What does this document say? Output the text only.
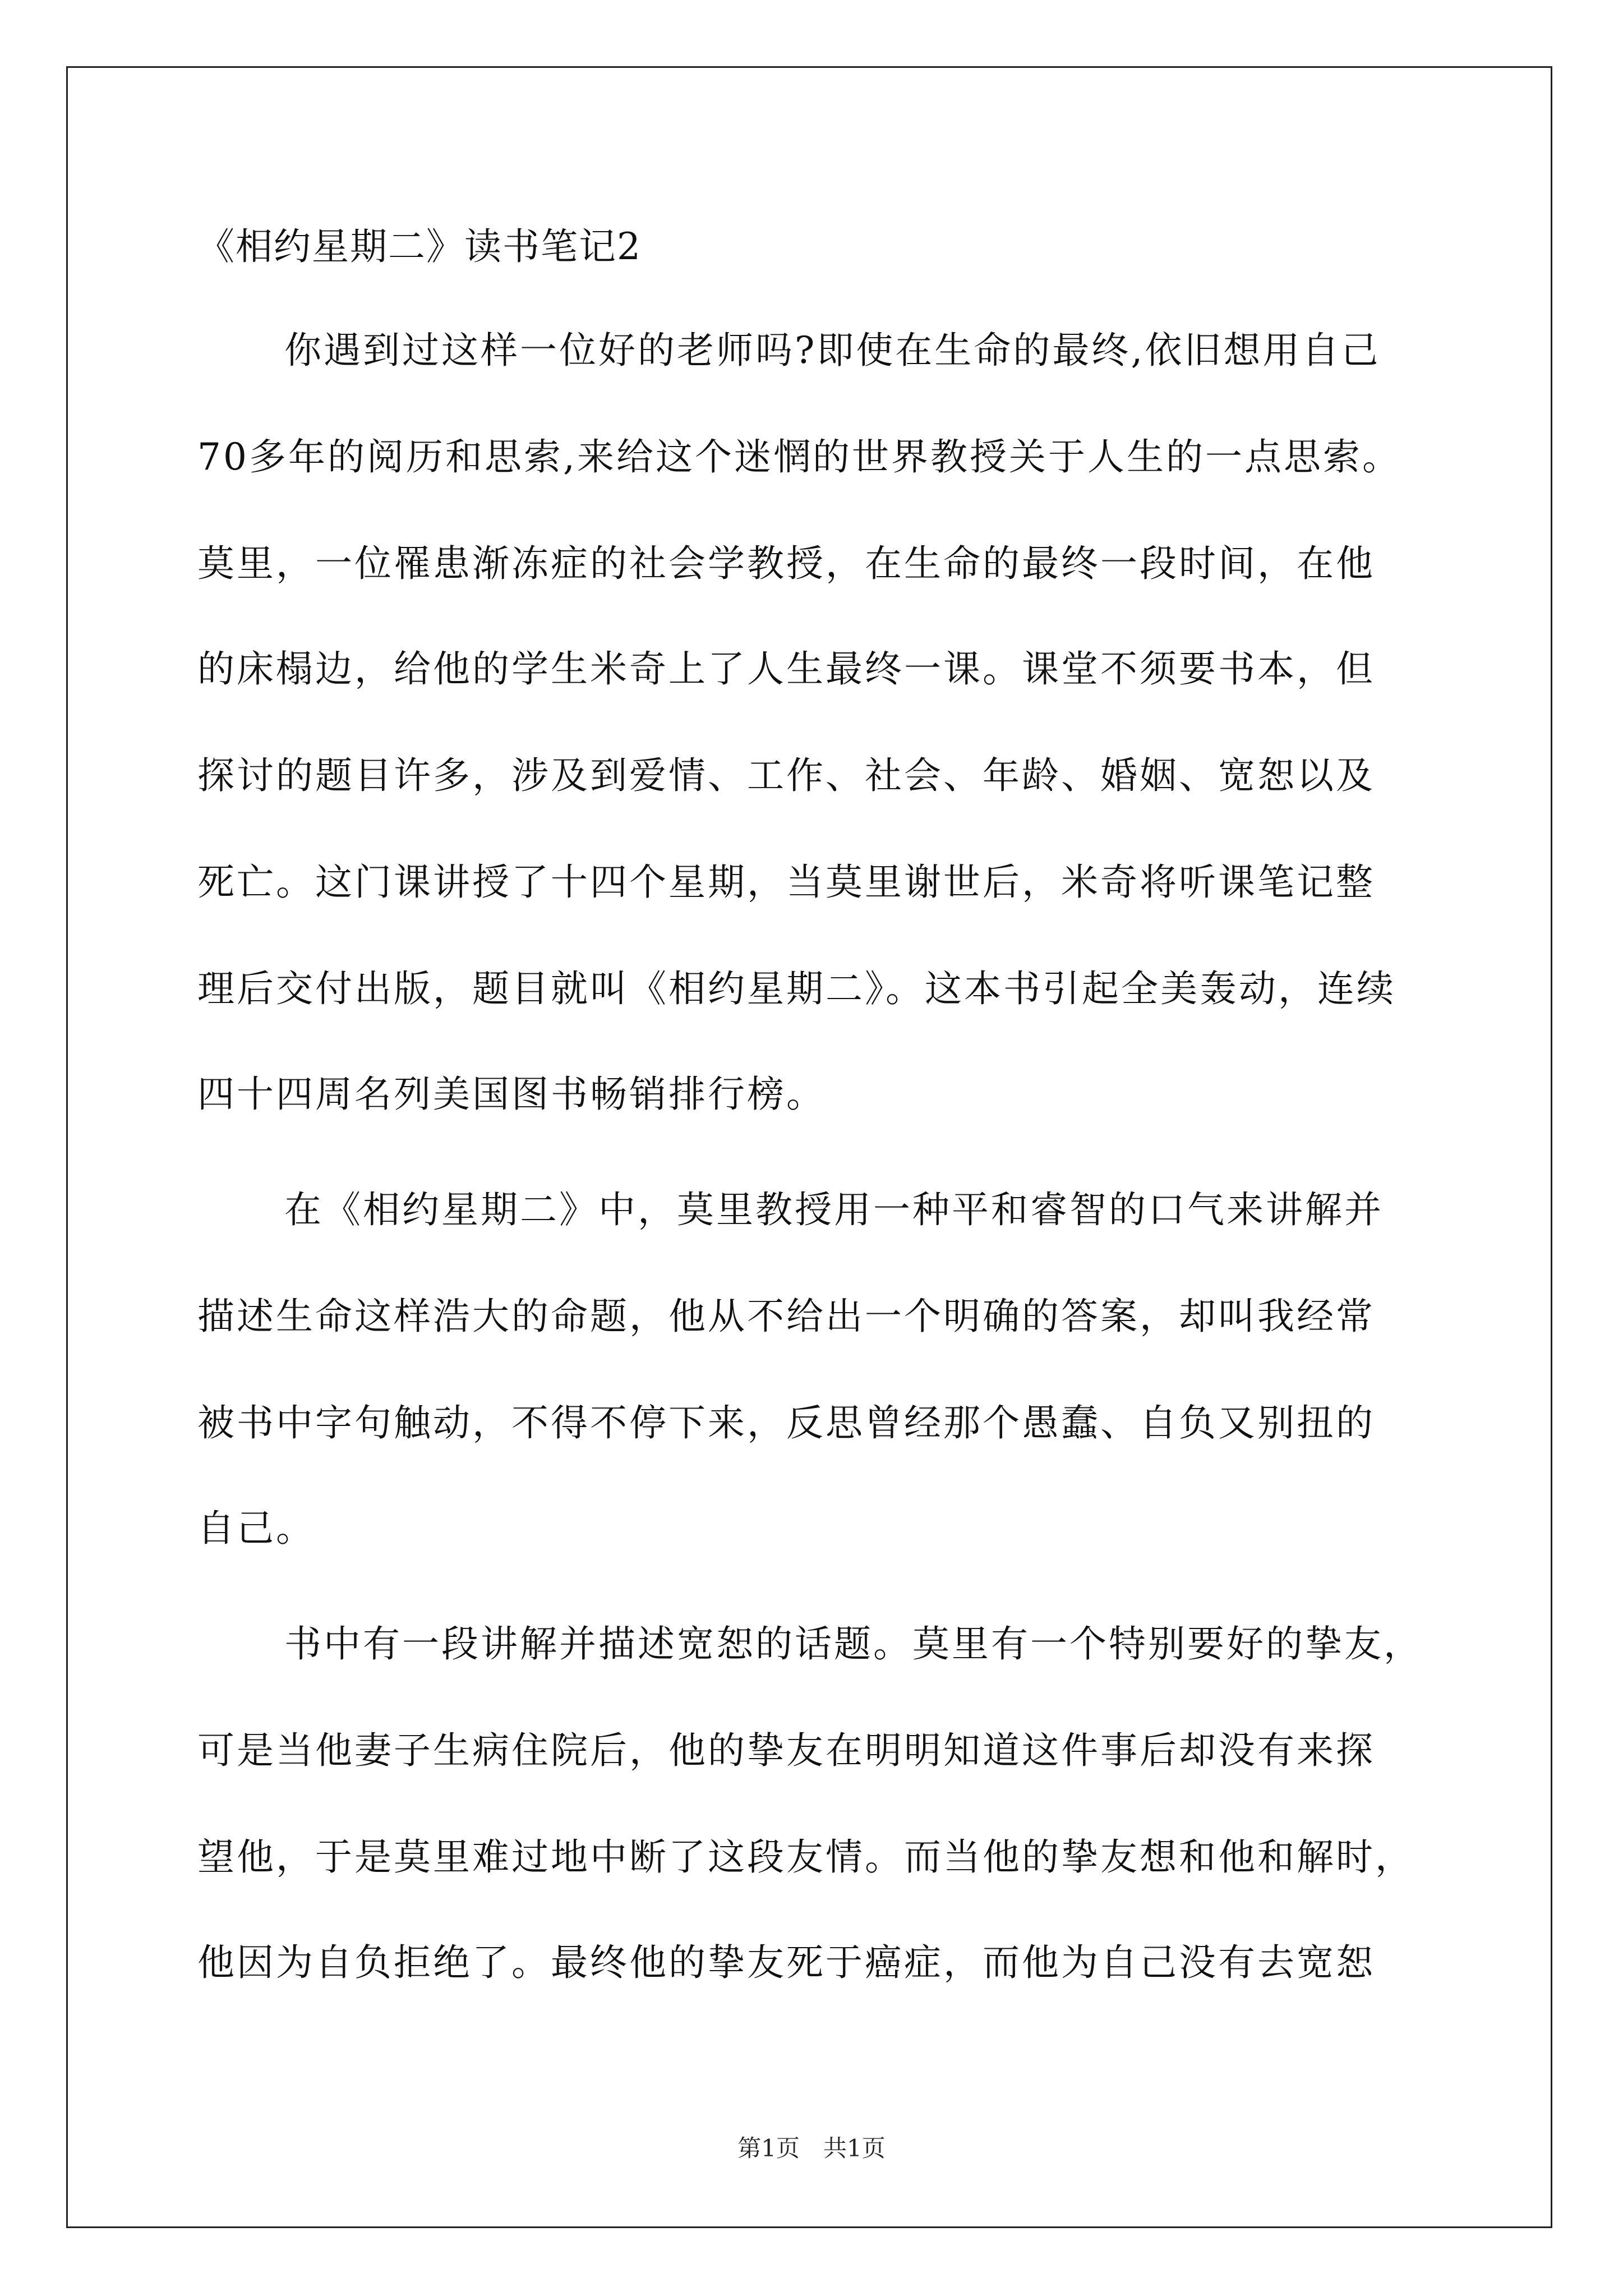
《相约星期二》读书笔记2
你遇到过这样一位好的老师吗?即使在生命的最终,依旧想用自己
70多年的阅历和思索,来给这个迷惘的世界教授关于人生的一点思索。
莫里，一位罹患渐冻症的社会学教授，在生命的最终一段时间，在他
的床榻边，给他的学生米奇上了人生最终一课。课堂不须要书本，但
探讨的题目许多，涉及到爱情、工作、社会、年龄、婚姻、宽恕以及
死亡。这门课讲授了十四个星期，当莫里谢世后，米奇将听课笔记整
理后交付出版，题目就叫《相约星期二》。这本书引起全美轰动，连续
四十四周名列美国图书畅销排行榜。
在《相约星期二》中，莫里教授用一种平和睿智的口气来讲解并
描述生命这样浩大的命题，他从不给出一个明确的答案，却叫我经常
被书中字句触动，不得不停下来，反思曾经那个愚蠢、自负又别扭的
自己。
书中有一段讲解并描述宽恕的话题。莫里有一个特别要好的挚友，
可是当他妻子生病住院后，他的挚友在明明知道这件事后却没有来探
望他，于是莫里难过地中断了这段友情。而当他的挚友想和他和解时，
他因为自负拒绝了。最终他的挚友死于癌症，而他为自己没有去宽恕
第1页　共1页
